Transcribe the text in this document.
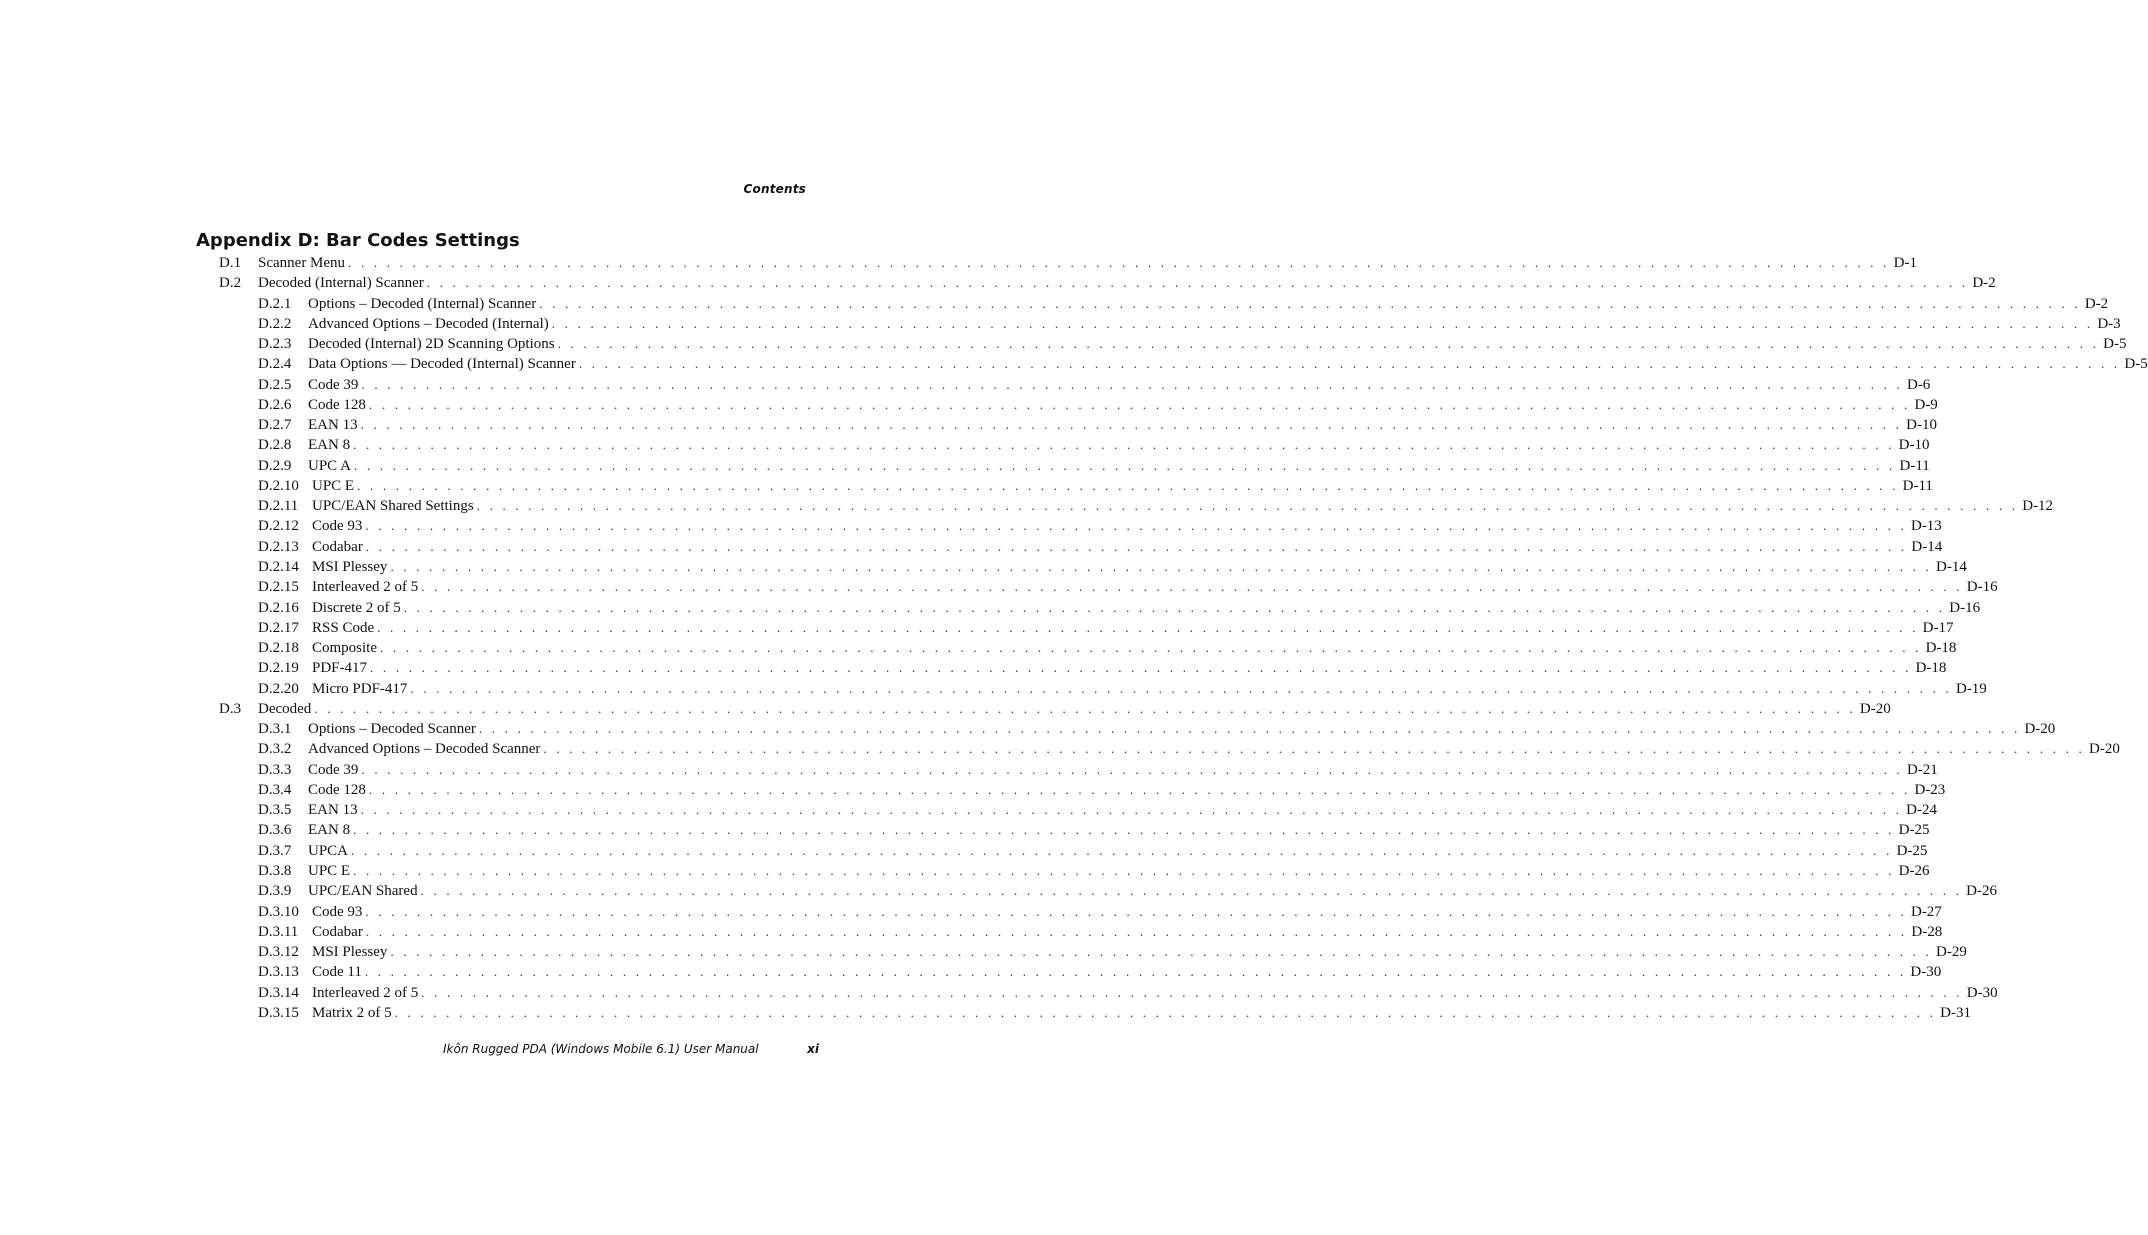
Contents
Appendix D: Bar Codes Settings
D.1	Scanner Menu . . . . . . . . . . . . . . . . . . . . . . . . . . . . . . . . . . . . . . . . . . . . . . . . . . . . . . . . . . . . . . . . . . . . . . . . . . . . . . . . . . . . . . . . . . . . . . . . . . . . . . . . . . . . . . . . . . . . . . . . D-1
D.2	Decoded (Internal) Scanner . . . . . . . . . . . . . . . . . . . . . . . . . . . . . . . . . . . . . . . . . . . . . . . . . . . . . . . . . . . . . . . . . . . . . . . . . . . . . . . . . . . . . . . . . . . . . . . . . . . . . . . . . . . . . . . . . . . . . . . . D-2
D.2.1	Options – Decoded (Internal) Scanner . . . . . . . . . . . . . . . . . . . . . . . . . . . . . . . . . . . . . . . . . . . . . . . . . . . . . . . . . . . . . . . . . . . . . . . . . . . . . . . . . . . . . . . . . . . . . . . . . . . . . . . . . . . . . . . . . . . . . . . . D-2
D.2.2	Advanced Options – Decoded (Internal) . . . . . . . . . . . . . . . . . . . . . . . . . . . . . . . . . . . . . . . . . . . . . . . . . . . . . . . . . . . . . . . . . . . . . . . . . . . . . . . . . . . . . . . . . . . . . . . . . . . . . . . . . . . . . . . . . . . . . . . . D-3
D.2.3	Decoded (Internal) 2D Scanning Options . . . . . . . . . . . . . . . . . . . . . . . . . . . . . . . . . . . . . . . . . . . . . . . . . . . . . . . . . . . . . . . . . . . . . . . . . . . . . . . . . . . . . . . . . . . . . . . . . . . . . . . . . . . . . . . . . . . . . . . . D-5
D.2.4	Data Options — Decoded (Internal) Scanner . . . . . . . . . . . . . . . . . . . . . . . . . . . . . . . . . . . . . . . . . . . . . . . . . . . . . . . . . . . . . . . . . . . . . . . . . . . . . . . . . . . . . . . . . . . . . . . . . . . . . . . . . . . . . . . . . . . . . . . . D-5
D.2.5	Code 39 . . . . . . . . . . . . . . . . . . . . . . . . . . . . . . . . . . . . . . . . . . . . . . . . . . . . . . . . . . . . . . . . . . . . . . . . . . . . . . . . . . . . . . . . . . . . . . . . . . . . . . . . . . . . . . . . . . . . . . . . D-6
D.2.6	Code 128 . . . . . . . . . . . . . . . . . . . . . . . . . . . . . . . . . . . . . . . . . . . . . . . . . . . . . . . . . . . . . . . . . . . . . . . . . . . . . . . . . . . . . . . . . . . . . . . . . . . . . . . . . . . . . . . . . . . . . . . . D-9
D.2.7	EAN 13 . . . . . . . . . . . . . . . . . . . . . . . . . . . . . . . . . . . . . . . . . . . . . . . . . . . . . . . . . . . . . . . . . . . . . . . . . . . . . . . . . . . . . . . . . . . . . . . . . . . . . . . . . . . . . . . . . . . . . . . . D-10
D.2.8	EAN 8 . . . . . . . . . . . . . . . . . . . . . . . . . . . . . . . . . . . . . . . . . . . . . . . . . . . . . . . . . . . . . . . . . . . . . . . . . . . . . . . . . . . . . . . . . . . . . . . . . . . . . . . . . . . . . . . . . . . . . . . . D-10
D.2.9	UPC A . . . . . . . . . . . . . . . . . . . . . . . . . . . . . . . . . . . . . . . . . . . . . . . . . . . . . . . . . . . . . . . . . . . . . . . . . . . . . . . . . . . . . . . . . . . . . . . . . . . . . . . . . . . . . . . . . . . . . . . . D-11
D.2.10 UPC E . . . . . . . . . . . . . . . . . . . . . . . . . . . . . . . . . . . . . . . . . . . . . . . . . . . . . . . . . . . . . . . . . . . . . . . . . . . . . . . . . . . . . . . . . . . . . . . . . . . . . . . . . . . . . . . . . . . . . . . . D-11
D.2.11 UPC/EAN Shared Settings . . . . . . . . . . . . . . . . . . . . . . . . . . . . . . . . . . . . . . . . . . . . . . . . . . . . . . . . . . . . . . . . . . . . . . . . . . . . . . . . . . . . . . . . . . . . . . . . . . . . . . . . . . . . . . . . . . . . . . . . D-12
D.2.12 Code 93 . . . . . . . . . . . . . . . . . . . . . . . . . . . . . . . . . . . . . . . . . . . . . . . . . . . . . . . . . . . . . . . . . . . . . . . . . . . . . . . . . . . . . . . . . . . . . . . . . . . . . . . . . . . . . . . . . . . . . . . . D-13
D.2.13 Codabar . . . . . . . . . . . . . . . . . . . . . . . . . . . . . . . . . . . . . . . . . . . . . . . . . . . . . . . . . . . . . . . . . . . . . . . . . . . . . . . . . . . . . . . . . . . . . . . . . . . . . . . . . . . . . . . . . . . . . . . . D-14
D.2.14 MSI Plessey . . . . . . . . . . . . . . . . . . . . . . . . . . . . . . . . . . . . . . . . . . . . . . . . . . . . . . . . . . . . . . . . . . . . . . . . . . . . . . . . . . . . . . . . . . . . . . . . . . . . . . . . . . . . . . . . . . . . . . . . D-14
D.2.15 Interleaved 2 of 5 . . . . . . . . . . . . . . . . . . . . . . . . . . . . . . . . . . . . . . . . . . . . . . . . . . . . . . . . . . . . . . . . . . . . . . . . . . . . . . . . . . . . . . . . . . . . . . . . . . . . . . . . . . . . . . . . . . . . . . . . D-16
D.2.16 Discrete 2 of 5 . . . . . . . . . . . . . . . . . . . . . . . . . . . . . . . . . . . . . . . . . . . . . . . . . . . . . . . . . . . . . . . . . . . . . . . . . . . . . . . . . . . . . . . . . . . . . . . . . . . . . . . . . . . . . . . . . . . . . . . . D-16
D.2.17 RSS Code . . . . . . . . . . . . . . . . . . . . . . . . . . . . . . . . . . . . . . . . . . . . . . . . . . . . . . . . . . . . . . . . . . . . . . . . . . . . . . . . . . . . . . . . . . . . . . . . . . . . . . . . . . . . . . . . . . . . . . . . D-17
D.2.18 Composite . . . . . . . . . . . . . . . . . . . . . . . . . . . . . . . . . . . . . . . . . . . . . . . . . . . . . . . . . . . . . . . . . . . . . . . . . . . . . . . . . . . . . . . . . . . . . . . . . . . . . . . . . . . . . . . . . . . . . . . . D-18
D.2.19 PDF-417 . . . . . . . . . . . . . . . . . . . . . . . . . . . . . . . . . . . . . . . . . . . . . . . . . . . . . . . . . . . . . . . . . . . . . . . . . . . . . . . . . . . . . . . . . . . . . . . . . . . . . . . . . . . . . . . . . . . . . . . . D-18
D.2.20 Micro PDF-417 . . . . . . . . . . . . . . . . . . . . . . . . . . . . . . . . . . . . . . . . . . . . . . . . . . . . . . . . . . . . . . . . . . . . . . . . . . . . . . . . . . . . . . . . . . . . . . . . . . . . . . . . . . . . . . . . . . . . . . . . D-19
D.3	Decoded . . . . . . . . . . . . . . . . . . . . . . . . . . . . . . . . . . . . . . . . . . . . . . . . . . . . . . . . . . . . . . . . . . . . . . . . . . . . . . . . . . . . . . . . . . . . . . . . . . . . . . . . . . . . . . . . . . . . . . . . D-20
D.3.1	Options – Decoded Scanner . . . . . . . . . . . . . . . . . . . . . . . . . . . . . . . . . . . . . . . . . . . . . . . . . . . . . . . . . . . . . . . . . . . . . . . . . . . . . . . . . . . . . . . . . . . . . . . . . . . . . . . . . . . . . . . . . . . . . . . . D-20
D.3.2	Advanced Options – Decoded Scanner . . . . . . . . . . . . . . . . . . . . . . . . . . . . . . . . . . . . . . . . . . . . . . . . . . . . . . . . . . . . . . . . . . . . . . . . . . . . . . . . . . . . . . . . . . . . . . . . . . . . . . . . . . . . . . . . . . . . . . . . D-20
D.3.3	Code 39 . . . . . . . . . . . . . . . . . . . . . . . . . . . . . . . . . . . . . . . . . . . . . . . . . . . . . . . . . . . . . . . . . . . . . . . . . . . . . . . . . . . . . . . . . . . . . . . . . . . . . . . . . . . . . . . . . . . . . . . . D-21
D.3.4	Code 128 . . . . . . . . . . . . . . . . . . . . . . . . . . . . . . . . . . . . . . . . . . . . . . . . . . . . . . . . . . . . . . . . . . . . . . . . . . . . . . . . . . . . . . . . . . . . . . . . . . . . . . . . . . . . . . . . . . . . . . . . D-23
D.3.5	EAN 13 . . . . . . . . . . . . . . . . . . . . . . . . . . . . . . . . . . . . . . . . . . . . . . . . . . . . . . . . . . . . . . . . . . . . . . . . . . . . . . . . . . . . . . . . . . . . . . . . . . . . . . . . . . . . . . . . . . . . . . . . D-24
D.3.6	EAN 8 . . . . . . . . . . . . . . . . . . . . . . . . . . . . . . . . . . . . . . . . . . . . . . . . . . . . . . . . . . . . . . . . . . . . . . . . . . . . . . . . . . . . . . . . . . . . . . . . . . . . . . . . . . . . . . . . . . . . . . . . D-25
D.3.7	UPCA . . . . . . . . . . . . . . . . . . . . . . . . . . . . . . . . . . . . . . . . . . . . . . . . . . . . . . . . . . . . . . . . . . . . . . . . . . . . . . . . . . . . . . . . . . . . . . . . . . . . . . . . . . . . . . . . . . . . . . . . D-25
D.3.8	UPC E . . . . . . . . . . . . . . . . . . . . . . . . . . . . . . . . . . . . . . . . . . . . . . . . . . . . . . . . . . . . . . . . . . . . . . . . . . . . . . . . . . . . . . . . . . . . . . . . . . . . . . . . . . . . . . . . . . . . . . . . D-26
D.3.9	UPC/EAN Shared . . . . . . . . . . . . . . . . . . . . . . . . . . . . . . . . . . . . . . . . . . . . . . . . . . . . . . . . . . . . . . . . . . . . . . . . . . . . . . . . . . . . . . . . . . . . . . . . . . . . . . . . . . . . . . . . . . . . . . . . D-26
D.3.10 Code 93 . . . . . . . . . . . . . . . . . . . . . . . . . . . . . . . . . . . . . . . . . . . . . . . . . . . . . . . . . . . . . . . . . . . . . . . . . . . . . . . . . . . . . . . . . . . . . . . . . . . . . . . . . . . . . . . . . . . . . . . . D-27
D.3.11 Codabar . . . . . . . . . . . . . . . . . . . . . . . . . . . . . . . . . . . . . . . . . . . . . . . . . . . . . . . . . . . . . . . . . . . . . . . . . . . . . . . . . . . . . . . . . . . . . . . . . . . . . . . . . . . . . . . . . . . . . . . . D-28
D.3.12 MSI Plessey . . . . . . . . . . . . . . . . . . . . . . . . . . . . . . . . . . . . . . . . . . . . . . . . . . . . . . . . . . . . . . . . . . . . . . . . . . . . . . . . . . . . . . . . . . . . . . . . . . . . . . . . . . . . . . . . . . . . . . . . D-29
D.3.13 Code 11 . . . . . . . . . . . . . . . . . . . . . . . . . . . . . . . . . . . . . . . . . . . . . . . . . . . . . . . . . . . . . . . . . . . . . . . . . . . . . . . . . . . . . . . . . . . . . . . . . . . . . . . . . . . . . . . . . . . . . . . . D-30
D.3.14 Interleaved 2 of 5 . . . . . . . . . . . . . . . . . . . . . . . . . . . . . . . . . . . . . . . . . . . . . . . . . . . . . . . . . . . . . . . . . . . . . . . . . . . . . . . . . . . . . . . . . . . . . . . . . . . . . . . . . . . . . . . . . . . . . . . . D-30
D.3.15 Matrix 2 of 5 . . . . . . . . . . . . . . . . . . . . . . . . . . . . . . . . . . . . . . . . . . . . . . . . . . . . . . . . . . . . . . . . . . . . . . . . . . . . . . . . . . . . . . . . . . . . . . . . . . . . . . . . . . . . . . . . . . . . . . . . D-31
Ikôn Rugged PDA (Windows Mobile 6.1) User Manual	xi
